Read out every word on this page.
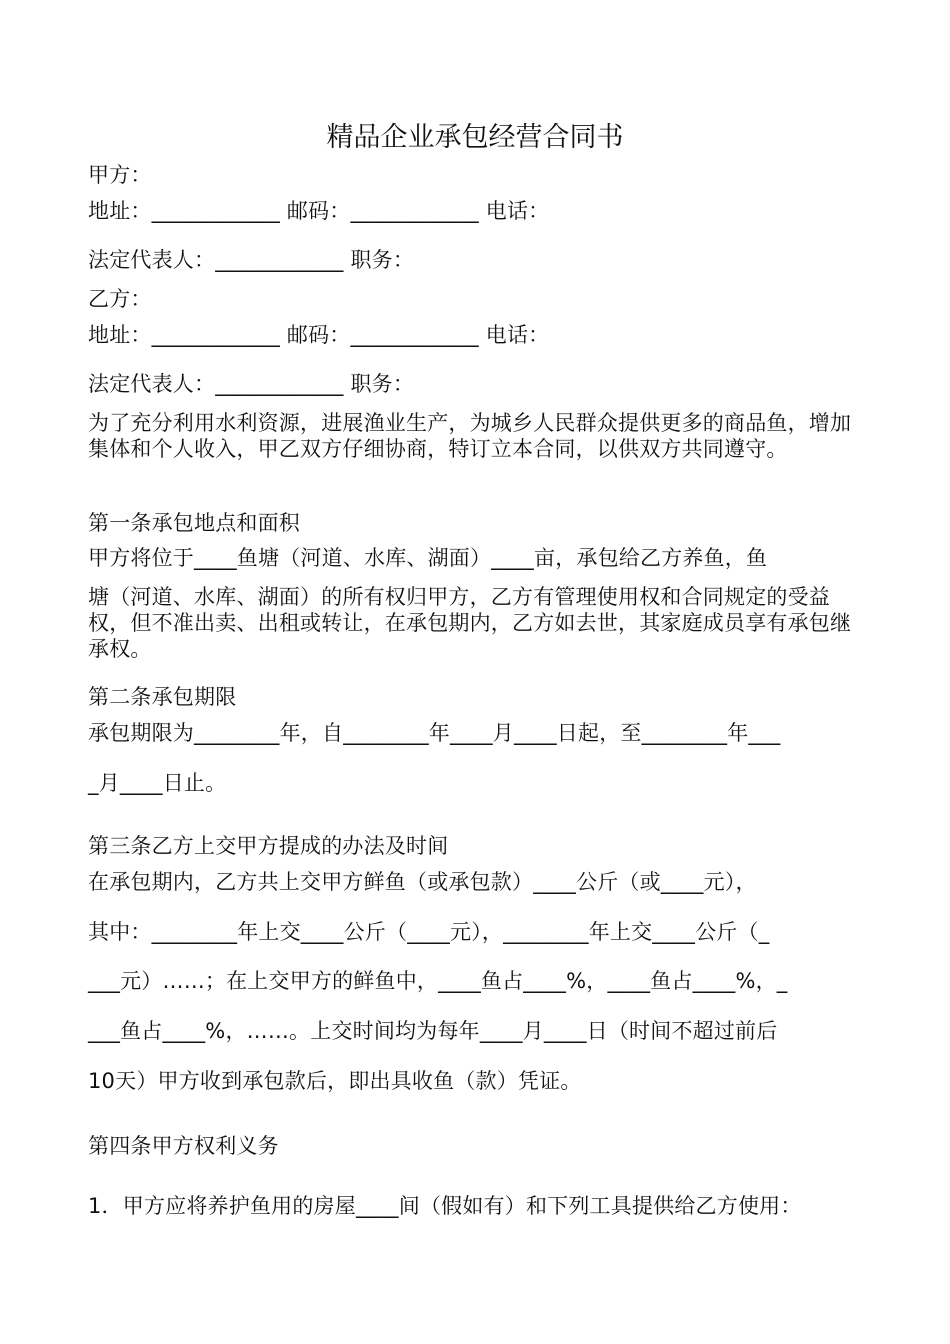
精品企业承包经营合同书
甲方：
地址：____________ 邮码：____________ 电话：
法定代表人：____________ 职务：
乙方：
地址：____________ 邮码：____________ 电话：
法定代表人：____________ 职务：
为了充分利用水利资源，进展渔业生产，为城乡人民群众提供更多的商品鱼，增加集体和个人收入，甲乙双方仔细协商，特订立本合同，以供双方共同遵守。
第一条承包地点和面积
甲方将位于____鱼塘（河道、水库、湖面）____亩，承包给乙方养鱼，鱼
塘（河道、水库、湖面）的所有权归甲方，乙方有管理使用权和合同规定的受益权，但不准出卖、出租或转让，在承包期内，乙方如去世，其家庭成员享有承包继承权。
第二条承包期限
承包期限为________年，自________年____月____日起，至________年___
_月____日止。
第三条乙方上交甲方提成的办法及时间
在承包期内，乙方共上交甲方鲜鱼（或承包款）____公斤（或____元），
其中：________年上交____公斤（____元），________年上交____公斤（_
___元）……；在上交甲方的鲜鱼中，____鱼占____%，____鱼占____%，_
___鱼占____%，……。上交时间均为每年____月____日（时间不超过前后
10天）甲方收到承包款后，即出具收鱼（款）凭证。
第四条甲方权利义务
1．甲方应将养护鱼用的房屋____间（假如有）和下列工具提供给乙方使用：
